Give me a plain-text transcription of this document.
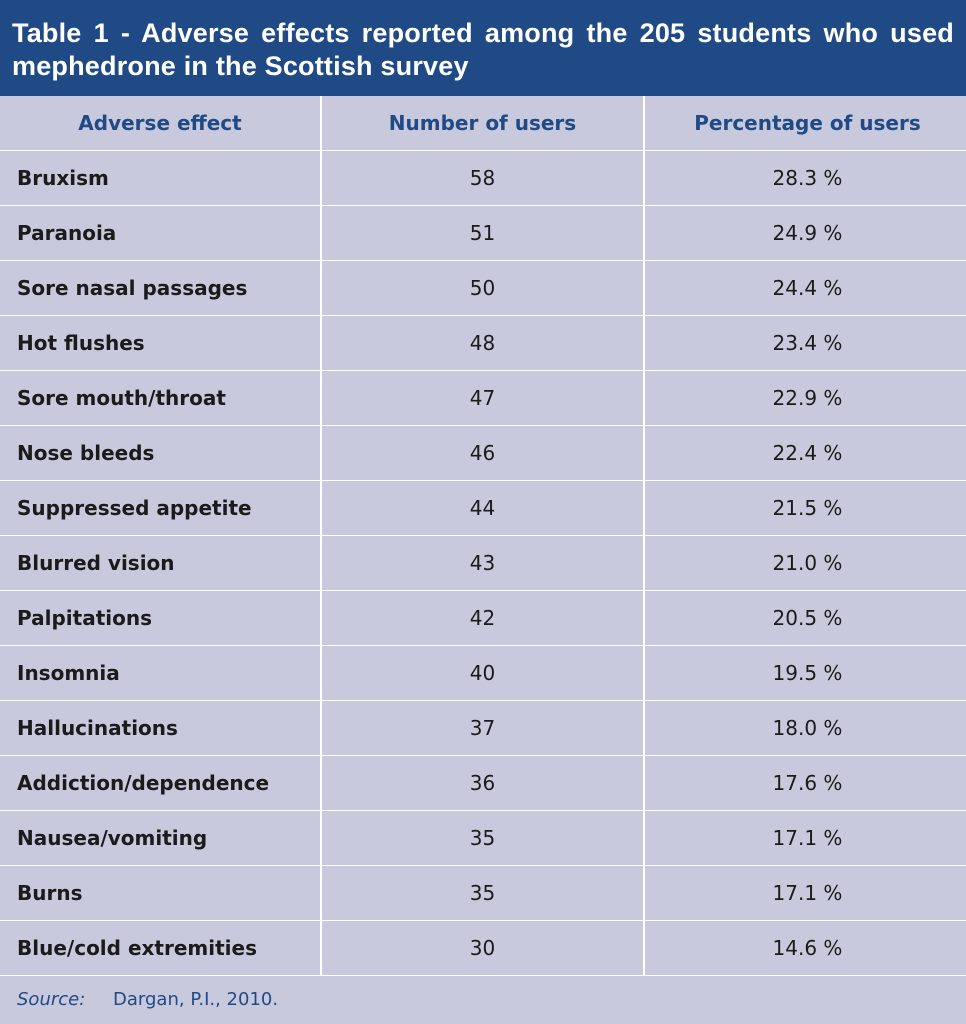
Table 1 - Adverse effects reported among the 205 students who used mephedrone in the Scottish survey
Adverse effect	Number of users	Percentage of users
Bruxism	58	28.3 %
Paranoia	51	24.9 %
Sore nasal passages	50	24.4 %
Hot flushes	48	23.4 %
Sore mouth/throat	47	22.9 %
Nose bleeds	46	22.4 %
Suppressed appetite	44	21.5 %
Blurred vision	43	21.0 %
Palpitations	42	20.5 %
Insomnia	40	19.5 %
Hallucinations	37	18.0 %
Addiction/dependence	36	17.6 %
Nausea/vomiting	35	17.1 %
Burns	35	17.1 %
Blue/cold extremities	30	14.6 %
Source: Dargan, P.I., 2010.
